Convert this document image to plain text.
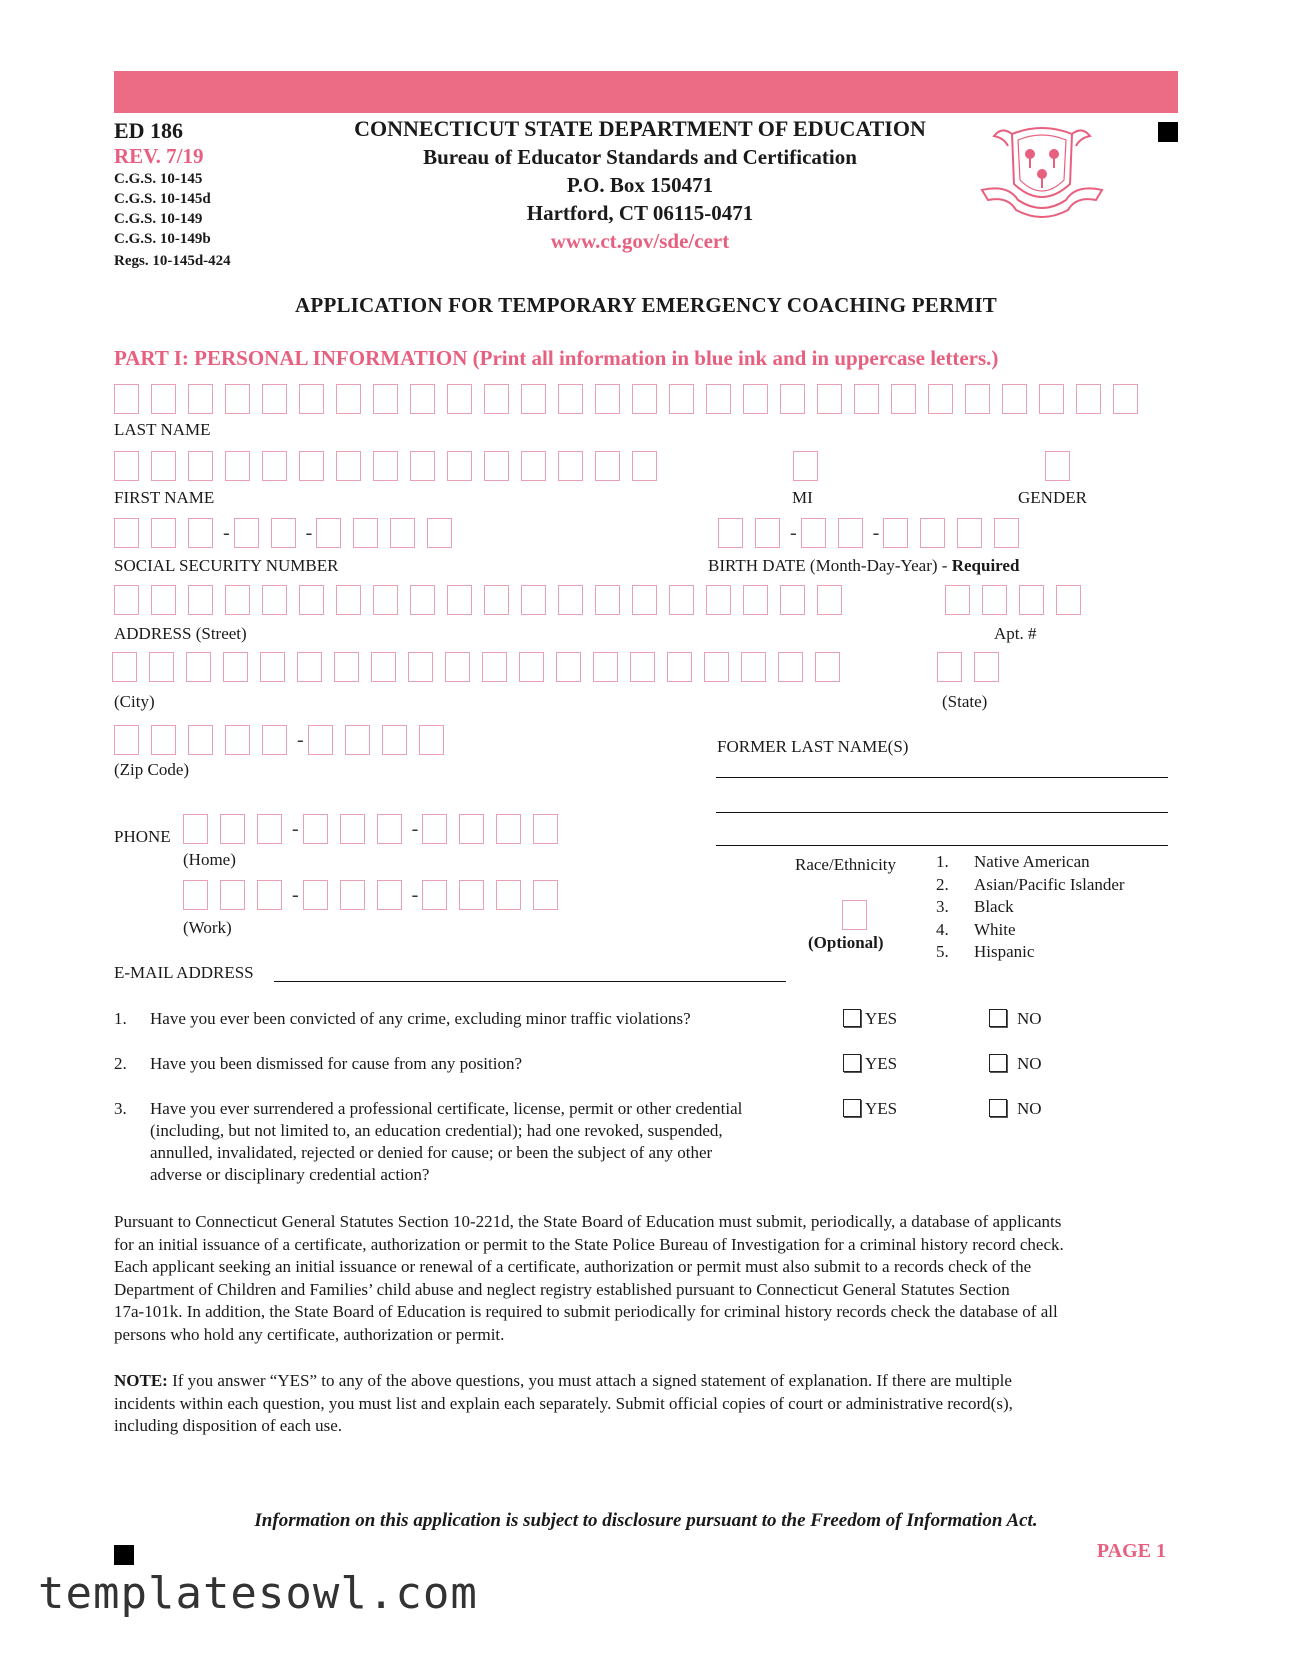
ED 186
REV. 7/19
C.G.S. 10-145
C.G.S. 10-145d
C.G.S. 10-149
C.G.S. 10-149b
Regs. 10-145d-424
CONNECTICUT STATE DEPARTMENT OF EDUCATION
Bureau of Educator Standards and Certification
P.O. Box 150471
Hartford, CT 06115-0471
www.ct.gov/sde/cert
APPLICATION FOR TEMPORARY EMERGENCY COACHING PERMIT
PART I: PERSONAL INFORMATION (Print all information in blue ink and in uppercase letters.)
LAST NAME
FIRST NAME	MI	GENDER
-	-	-	-
SOCIAL SECURITY NUMBER	BIRTH DATE (Month-Day-Year) - Required
ADDRESS (Street)	Apt. #
(City)	(State)
-
(Zip Code)
FORMER LAST NAME(S)
PHONE	-	-
(Home)
-	-
(Work)
Race/Ethnicity
(Optional)
1. Native American
2. Asian/Pacific Islander
3. Black
4. White
5. Hispanic
E-MAIL ADDRESS
1. Have you ever been convicted of any crime, excluding minor traffic violations?	YES	NO
2. Have you been dismissed for cause from any position?	YES	NO
3. Have you ever surrendered a professional certificate, license, permit or other credential
(including, but not limited to, an education credential); had one revoked, suspended,
annulled, invalidated, rejected or denied for cause; or been the subject of any other
adverse or disciplinary credential action?
YES	NO
Pursuant to Connecticut General Statutes Section 10-221d, the State Board of Education must submit, periodically, a database of applicants
for an initial issuance of a certificate, authorization or permit to the State Police Bureau of Investigation for a criminal history record check.
Each applicant seeking an initial issuance or renewal of a certificate, authorization or permit must also submit to a records check of the
Department of Children and Families’ child abuse and neglect registry established pursuant to Connecticut General Statutes Section
17a-101k. In addition, the State Board of Education is required to submit periodically for criminal history records check the database of all
persons who hold any certificate, authorization or permit.
NOTE: If you answer “YES” to any of the above questions, you must attach a signed statement of explanation. If there are multiple
incidents within each question, you must list and explain each separately. Submit official copies of court or administrative record(s),
including disposition of each use.
Information on this application is subject to disclosure pursuant to the Freedom of Information Act.
PAGE 1
templatesowl.com
